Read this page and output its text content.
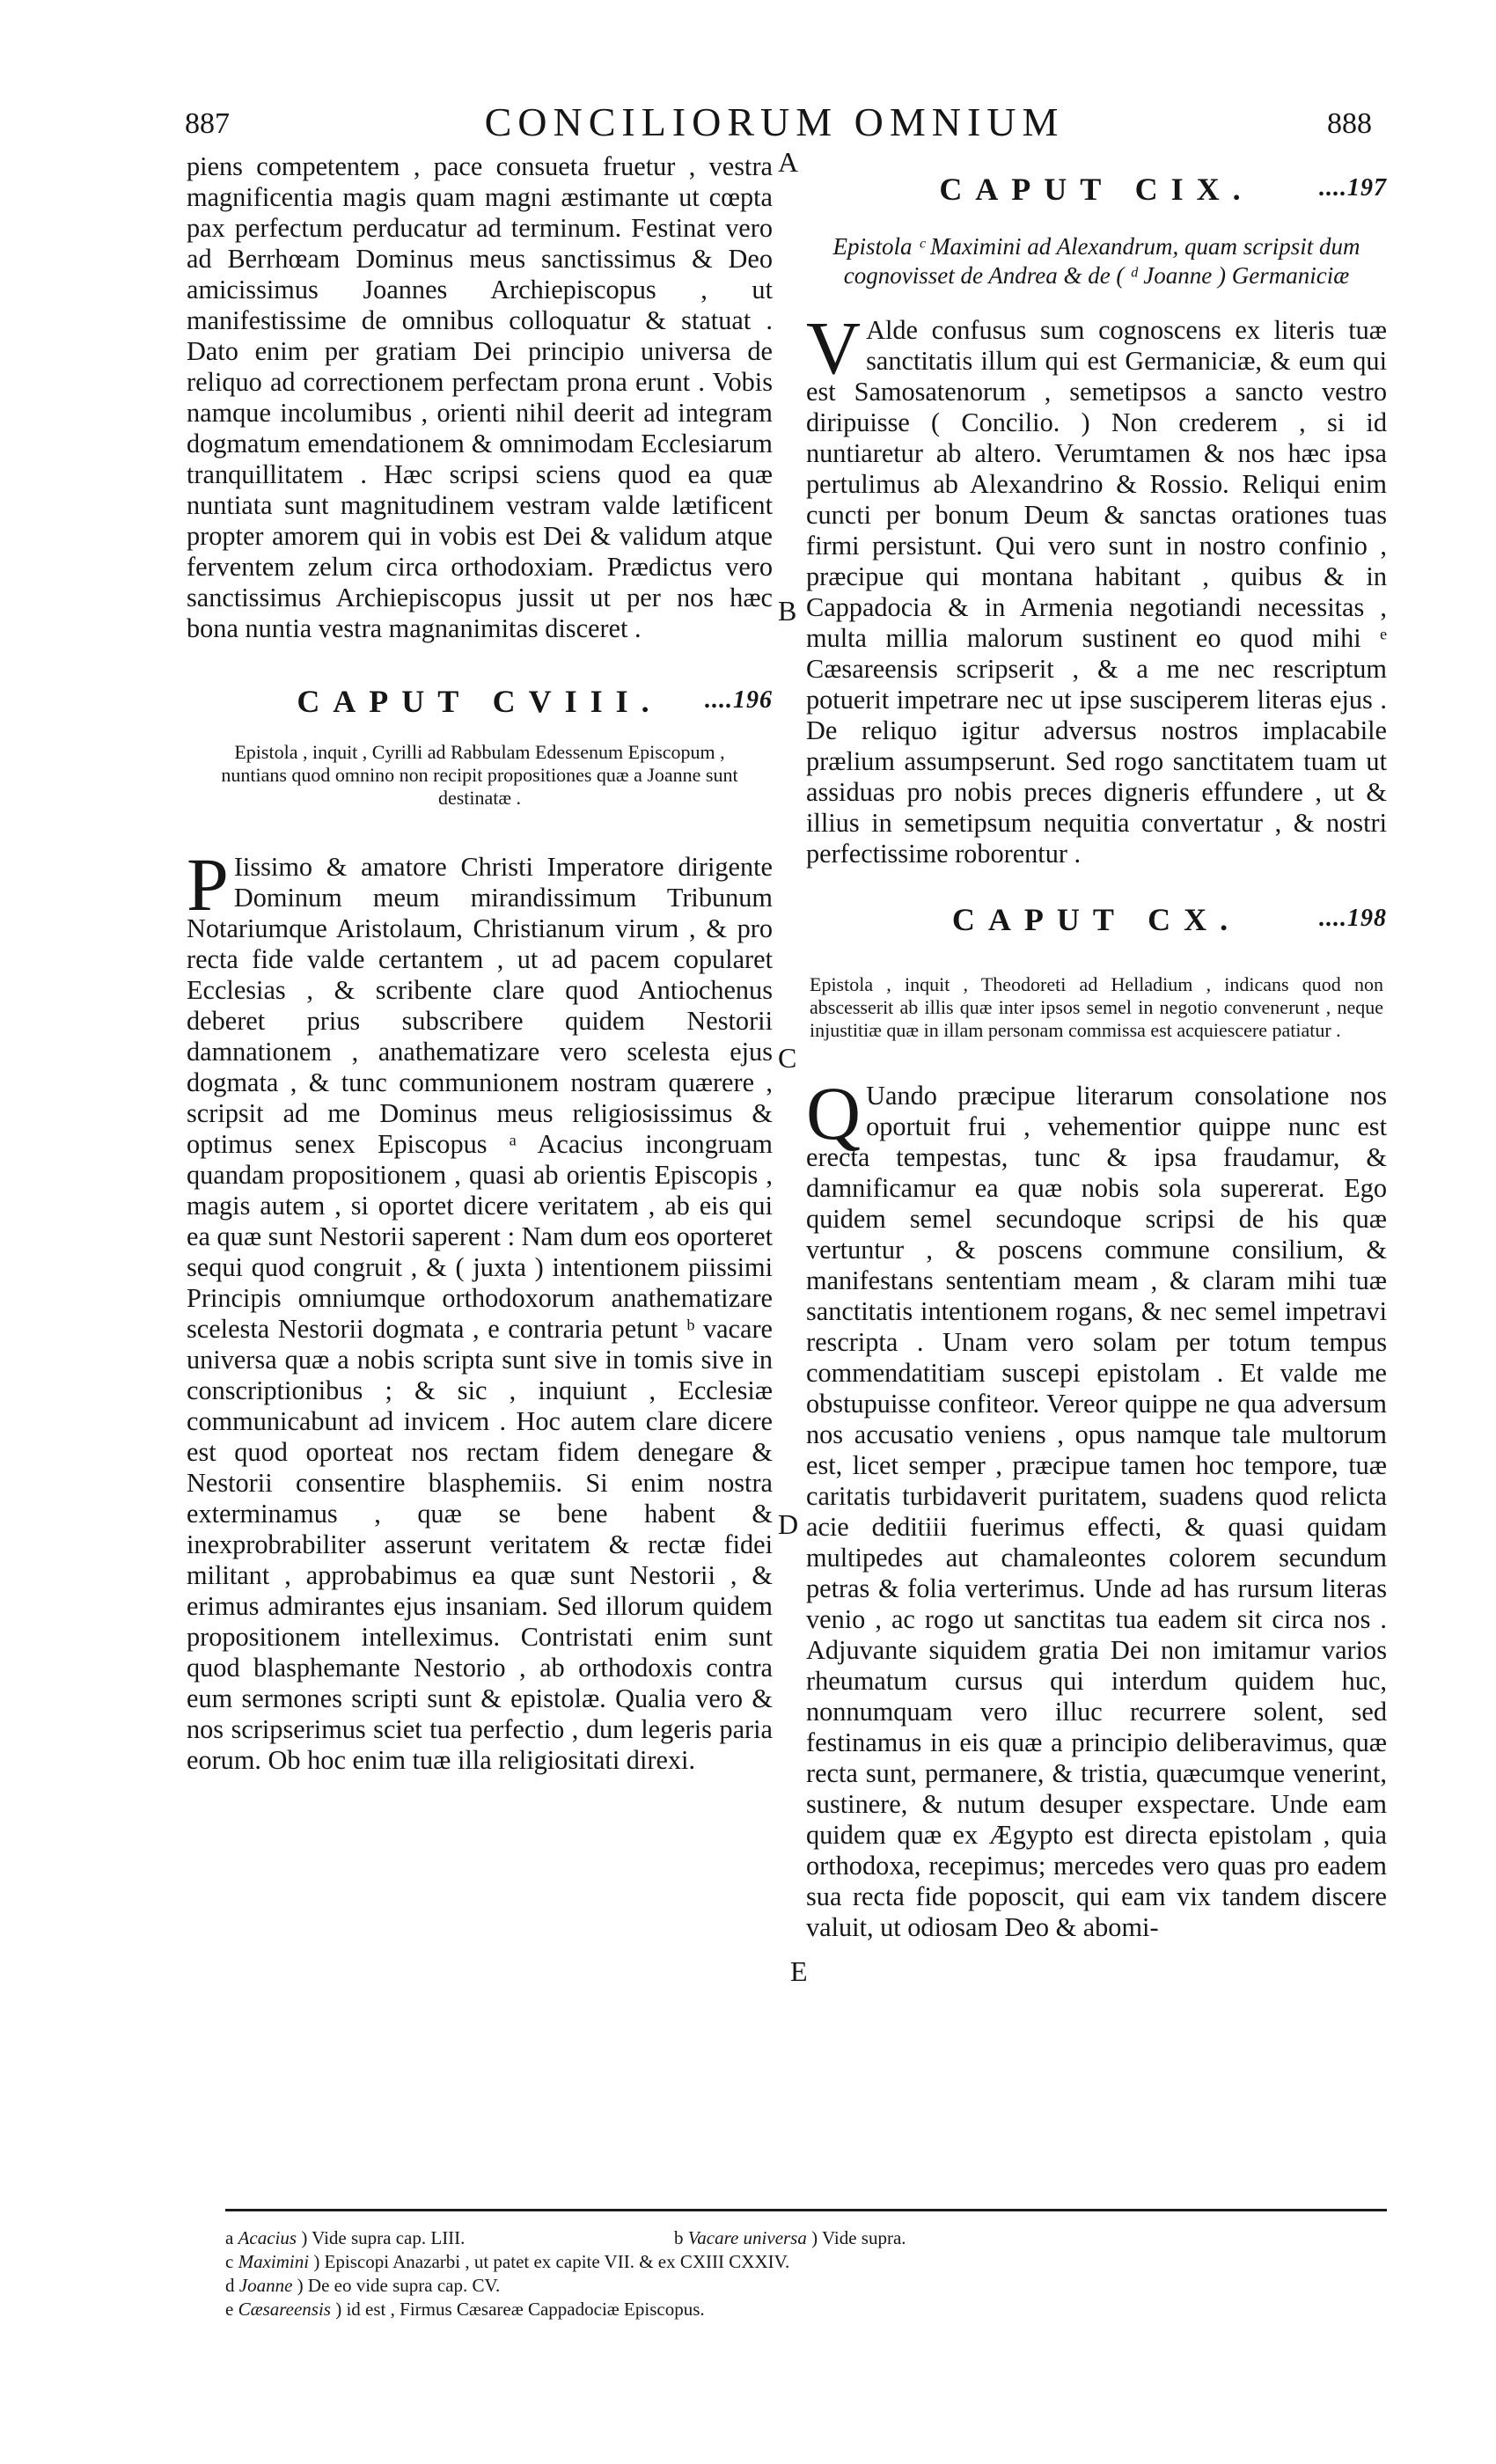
887	CONCILIORUM OMNIUM	888

piens competentem , pace consueta fruetur , vestra magnificentia magis quam magni æstimante ut cœpta pax perfectum perducatur ad terminum. Festinat vero ad Berrhœam Dominus meus sanctissimus & Deo amicissimus Joannes Archiepiscopus , ut manifestissime de omnibus colloquatur & statuat . Dato enim per gratiam Dei principio universa de reliquo ad correctionem perfectam prona erunt . Vobis namque incolumibus , orienti nihil deerit ad integram dogmatum emendationem & omnimodam Ecclesiarum tranquillitatem . Hæc scripsi sciens quod ea quæ nuntiata sunt magnitudinem vestram valde lætificent propter amorem qui in vobis est Dei & validum atque ferventem zelum circa orthodoxiam. Prædictus vero sanctissimus Archiepiscopus jussit ut per nos hæc bona nuntia vestra magnanimitas disceret .

CAPUT CVIII. ....196

Epistola , inquit , Cyrilli ad Rabbulam Edessenum Episcopum , nuntians quod omnino non recipit propositiones quæ a Joanne sunt destinatæ .

P Iissimo & amatore Christi Imperatore dirigente Dominum meum mirandissimum Tribunum Notariumque Aristolaum, Christianum virum , & pro recta fide valde certantem , ut ad pacem copularet Ecclesias , & scribente clare quod Antiochenus deberet prius subscribere quidem Nestorii damnationem , anathematizare vero scelesta ejus dogmata , & tunc communionem nostram quærere , scripsit ad me Dominus meus religiosissimus & optimus senex Episcopus ᵃ Acacius incongruam quandam propositionem , quasi ab orientis Episcopis , magis autem , si oportet dicere veritatem , ab eis qui ea quæ sunt Nestorii saperent : Nam dum eos oporteret sequi quod congruit , & ( juxta ) intentionem piissimi Principis omniumque orthodoxorum anathematizare scelesta Nestorii dogmata , e contraria petunt ᵇ vacare universa quæ a nobis scripta sunt sive in tomis sive in conscriptionibus ; & sic , inquiunt , Ecclesiæ communicabunt ad invicem . Hoc autem clare dicere est quod oporteat nos rectam fidem denegare & Nestorii consentire blasphemiis. Si enim nostra exterminamus , quæ se bene habent & inexprobrabiliter asserunt veritatem & rectæ fidei militant , approbabimus ea quæ sunt Nestorii , & erimus admirantes ejus insaniam. Sed illorum quidem propositionem intelleximus. Contristati enim sunt quod blasphemante Nestorio , ab orthodoxis contra eum sermones scripti sunt & epistolæ. Qualia vero & nos scripserimus sciet tua perfectio , dum legeris paria eorum. Ob hoc enim tuæ illa religiositati direxi.

CAPUT CIX.	....197

Epistola ᶜ Maximini ad Alexandrum, quam scripsit dum cognovisset de Andrea & de ( ᵈ Joanne ) Germaniciæ

V Alde confusus sum cognoscens ex literis tuæ sanctitatis illum qui est Germaniciæ, & eum qui est Samosatenorum , semetipsos a sancto vestro diripuisse ( Concilio. ) Non crederem , si id nuntiaretur ab altero. Verumtamen & nos hæc ipsa pertulimus ab Alexandrino & Rossio. Reliqui enim cuncti per bonum Deum & sanctas orationes tuas firmi persistunt. Qui vero sunt in nostro confinio , præcipue qui montana habitant , quibus & in Cappadocia & in Armenia negotiandi necessitas , multa millia malorum sustinent eo quod mihi ᵉ Cæsareensis scripserit , & a me nec rescriptum potuerit impetrare nec ut ipse susciperem literas ejus . De reliquo igitur adversus nostros implacabile prælium assumpserunt. Sed rogo sanctitatem tuam ut assiduas pro nobis preces digneris effundere , ut & illius in semetipsum nequitia convertatur , & nostri perfectissime roborentur .

CAPUT CX.	....198

Epistola , inquit , Theodoreti ad Helladium , indicans quod non abscesserit ab illis quæ inter ipsos semel in negotio convenerunt , neque injustitiæ quæ in illam personam commissa est acquiescere patiatur .

Q Uando præcipue literarum consolatione nos oportuit frui , vehementior quippe nunc est erecta tempestas, tunc & ipsa fraudamur, & damnificamur ea quæ nobis sola supererat. Ego quidem semel secundoque scripsi de his quæ vertuntur , & poscens commune consilium, & manifestans sententiam meam , & claram mihi tuæ sanctitatis intentionem rogans, & nec semel impetravi rescripta . Unam vero solam per totum tempus commendatitiam suscepi epistolam . Et valde me obstupuisse confiteor. Vereor quippe ne qua adversum nos accusatio veniens , opus namque tale multorum est, licet semper , præcipue tamen hoc tempore, tuæ caritatis turbidaverit puritatem, suadens quod relicta acie deditiii fuerimus effecti, & quasi quidam multipedes aut chamaleontes colorem secundum petras & folia verterimus. Unde ad has rursum literas venio , ac rogo ut sanctitas tua eadem sit circa nos . Adjuvante siquidem gratia Dei non imitamur varios rheumatum cursus qui interdum quidem huc, nonnumquam vero illuc recurrere solent, sed festinamus in eis quæ a principio deliberavimus, quæ recta sunt, permanere, & tristia, quæcumque venerint, sustinere, & nutum desuper exspectare. Unde eam quidem quæ ex Ægypto est directa epistolam , quia orthodoxa, recepimus; mercedes vero quas pro eadem sua recta fide poposcit, qui eam vix tandem discere valuit, ut odiosam Deo & abomi-

A
B
C
D
E
a Acacius ) Vide supra cap. LIII.	b Vacare universa ) Vide supra.
c Maximini ) Episcopi Anazarbi , ut patet ex capite VII. & ex CXIII CXXIV.
d Joanne ) De eo vide supra cap. CV.
e Cæsareensis ) id est , Firmus Cæsareæ Cappadociæ Episcopus.
